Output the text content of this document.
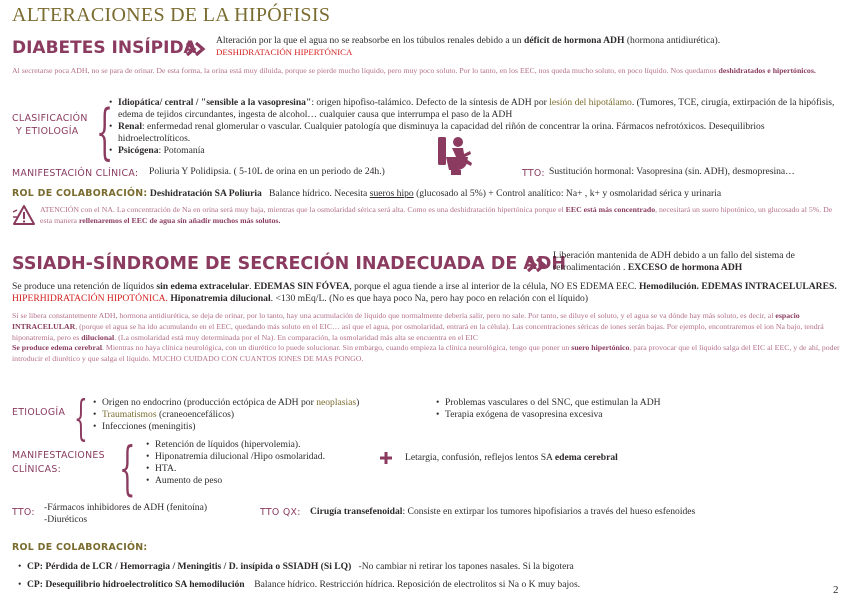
ALTERACIONES DE LA HIPÓFISIS
DIABETES INSÍPIDA Alteración por la que el agua no se reabsorbe en los túbulos renales debido a un déficit de hormona ADH (hormona antidiurética).
DESHIDRATACIÓN HIPERTÓNICA
Al secretarse poca ADH, no se para de orinar. De esta forma, la orina está muy diluida, porque se pierde mucho líquido, pero muy poco soluto. Por lo tanto, en los EEC, nos queda mucho soluto, en poco líquido. Nos quedamos deshidratados e hipertónicos.
CLASIFICACIÓN
Y ETIOLOGÍA { • Idiopática/ central / "sensible a la vasopresina": origen hipofiso-talámico. Defecto de la síntesis de ADH por lesión del hipotálamo. (Tumores, TCE, cirugía, extirpación de la hipófisis, edema de tejidos circundantes, ingesta de alcohol… cualquier causa que interrumpa el paso de la ADH
• Renal: enfermedad renal glomerular o vascular. Cualquier patología que disminuya la capacidad del riñón de concentrar la orina. Fármacos nefrotóxicos. Desequilibrios hidroelectrolíticos.
• Psicógena: Potomanía
MANIFESTACIÓN CLÍNICA: Poliuria Y Polidipsia. ( 5-10L de orina en un periodo de 24h.)	TTO: Sustitución hormonal: Vasopresina (sin. ADH), desmopresina…
ROL DE COLABORACIÓN: Deshidratación SA Poliuria Balance hídrico. Necesita sueros hipo (glucosado al 5%) + Control analítico: Na+ , k+ y osmolaridad sérica y urinaria
ATENCIÓN con el NA. La concentración de Na en orina será muy baja, mientras que la osmolaridad sérica será alta. Como es una deshidratación hipertónica porque el EEC está más concentrado, necesitará un suero hipotónico, un glucosado al 5%. De esta manera rellenaremos el EEC de agua sin añadir muchos más solutos.
SSIADH-SÍNDROME DE SECRECIÓN INADECUADA DE ADH
Liberación mantenida de ADH debido a un fallo del sistema de retroalimentación . EXCESO de hormona ADH
Se produce una retención de líquidos sin edema extracelular. EDEMAS SIN FÓVEA, porque el agua tiende a irse al interior de la célula, NO ES EDEMA EEC. Hemodilución. EDEMAS INTRACELULARES. HIPERHIDRATACIÓN HIPOTÓNICA. Hiponatremia dilucional. <130 mEq/L. (No es que haya poco Na, pero hay poco en relación con el líquido)
Si se libera constantemente ADH, hormona antidiurética, se deja de orinar, por lo tanto, hay una acumulación de líquido que normalmente debería salir, pero no sale. Por tanto, se diluye el soluto, y el agua se va dónde hay más soluto, es decir, al espacio INTRACELULAR, (porque el agua se ha ido acumulando en el EEC, quedando más soluto en el EIC… así que el agua, por osmolaridad, entrará en la célula). Las concentraciones séricas de iones serán bajas. Por ejemplo, encontraremos el ion Na bajo, tendrá hiponatremia, pero es dilucional. (La osmolaridad está muy determinada por el Na). En comparación, la osmolaridad más alta se encuentra en el EIC
Se produce edema cerebral. Mientras no haya clínica neurológica, con un diurético lo puede solucionar. Sin embargo, cuando empieza la clínica neurológica, tengo que poner un suero hipertónico, para provocar que el líquido salga del EIC al EEC, y de ahí, poder introducir el diurético y que salga el líquido. MUCHO CUIDADO CON CUANTOS IONES DE MAS PONGO.
ETIOLOGÍA {	• Origen no endocrino (producción ectópica de ADH por neoplasias)
• Traumatismos (craneoencefálicos)
• Infecciones (meningitis)
• Problemas vasculares o del SNC, que estimulan la ADH
• Terapia exógena de vasopresina excesiva
MANIFESTACIONES
CLÍNICAS: {	• Retención de líquidos (hipervolemia).
• Hiponatremia dilucional /Hipo osmolaridad.
• HTA.
• Aumento de peso
Letargia, confusión, reflejos lentos SA edema cerebral
TTO: -Fármacos inhibidores de ADH (fenitoína)
-Diuréticos
TTO QX: Cirugía transefenoidal: Consiste en extirpar los tumores hipofisiarios a través del hueso esfenoides
ROL DE COLABORACIÓN:
• CP: Pérdida de LCR / Hemorragia / Meningitis / D. insípida o SSIADH (Si LQ) -No cambiar ni retirar los tapones nasales. Si la bigotera
• CP: Desequilibrio hidroelectrolítico SA hemodilución Balance hídrico. Restricción hídrica. Reposición de electrolitos si Na o K muy bajos.	2
